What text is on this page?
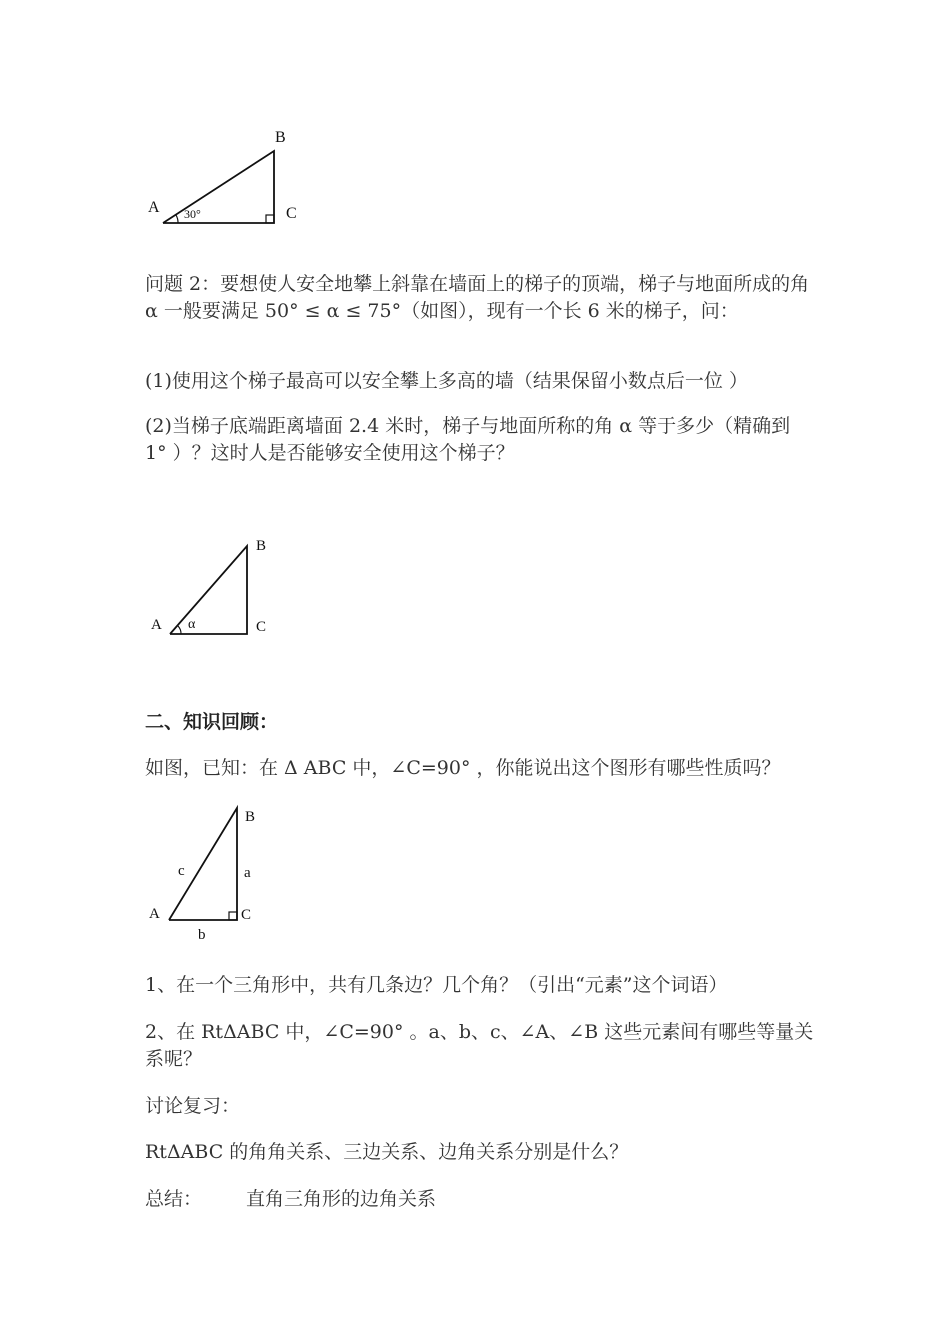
A
B
C
30°

问题 2：要想使人安全地攀上斜靠在墙面上的梯子的顶端，梯子与地面所成的角 α 一般要满足 50° ≤ α ≤ 75°（如图），现有一个长 6 米的梯子，问：

(1)使用这个梯子最高可以安全攀上多高的墙（结果保留小数点后一位 ）

(2)当梯子底端距离墙面 2.4 米时，梯子与地面所称的角 α 等于多少（精确到 1° ）？这时人是否能够安全使用这个梯子？

A
B
C
α

二、知识回顾：

如图，已知：在 Δ ABC 中，∠C=90° ，你能说出这个图形有哪些性质吗？

A
B
C
a
b
c

1、在一个三角形中，共有几条边？几个角？（引出“元素”这个词语）

2、在 RtΔABC 中，∠C=90° 。a、b、c、∠A、∠B 这些元素间有哪些等量关系呢？

讨论复习：

RtΔABC 的角角关系、三边关系、边角关系分别是什么？

总结： 直角三角形的边角关系
